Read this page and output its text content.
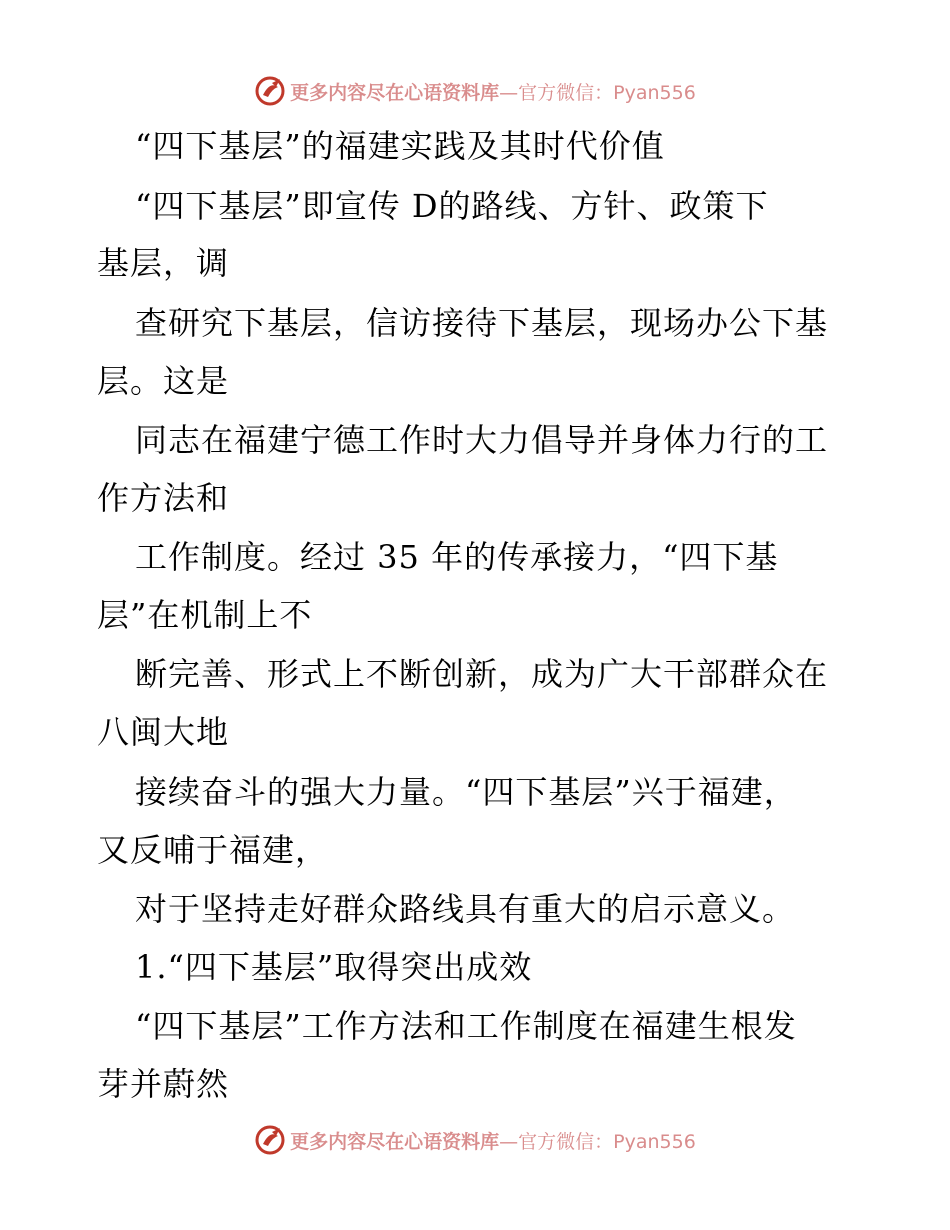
更多内容尽在心语资料库—官方微信：Pyan556
“四下基层”的福建实践及其时代价值
“四下基层”即宣传 D的路线、方针、政策下
基层，调
查研究下基层，信访接待下基层，现场办公下基
层。这是
同志在福建宁德工作时大力倡导并身体力行的工
作方法和
工作制度。经过 35 年的传承接力，“四下基
层”在机制上不
断完善、形式上不断创新，成为广大干部群众在
八闽大地
接续奋斗的强大力量。“四下基层”兴于福建，
又反哺于福建，
对于坚持走好群众路线具有重大的启示意义。
1.“四下基层”取得突出成效
“四下基层”工作方法和工作制度在福建生根发
芽并蔚然
更多内容尽在心语资料库—官方微信：Pyan556
